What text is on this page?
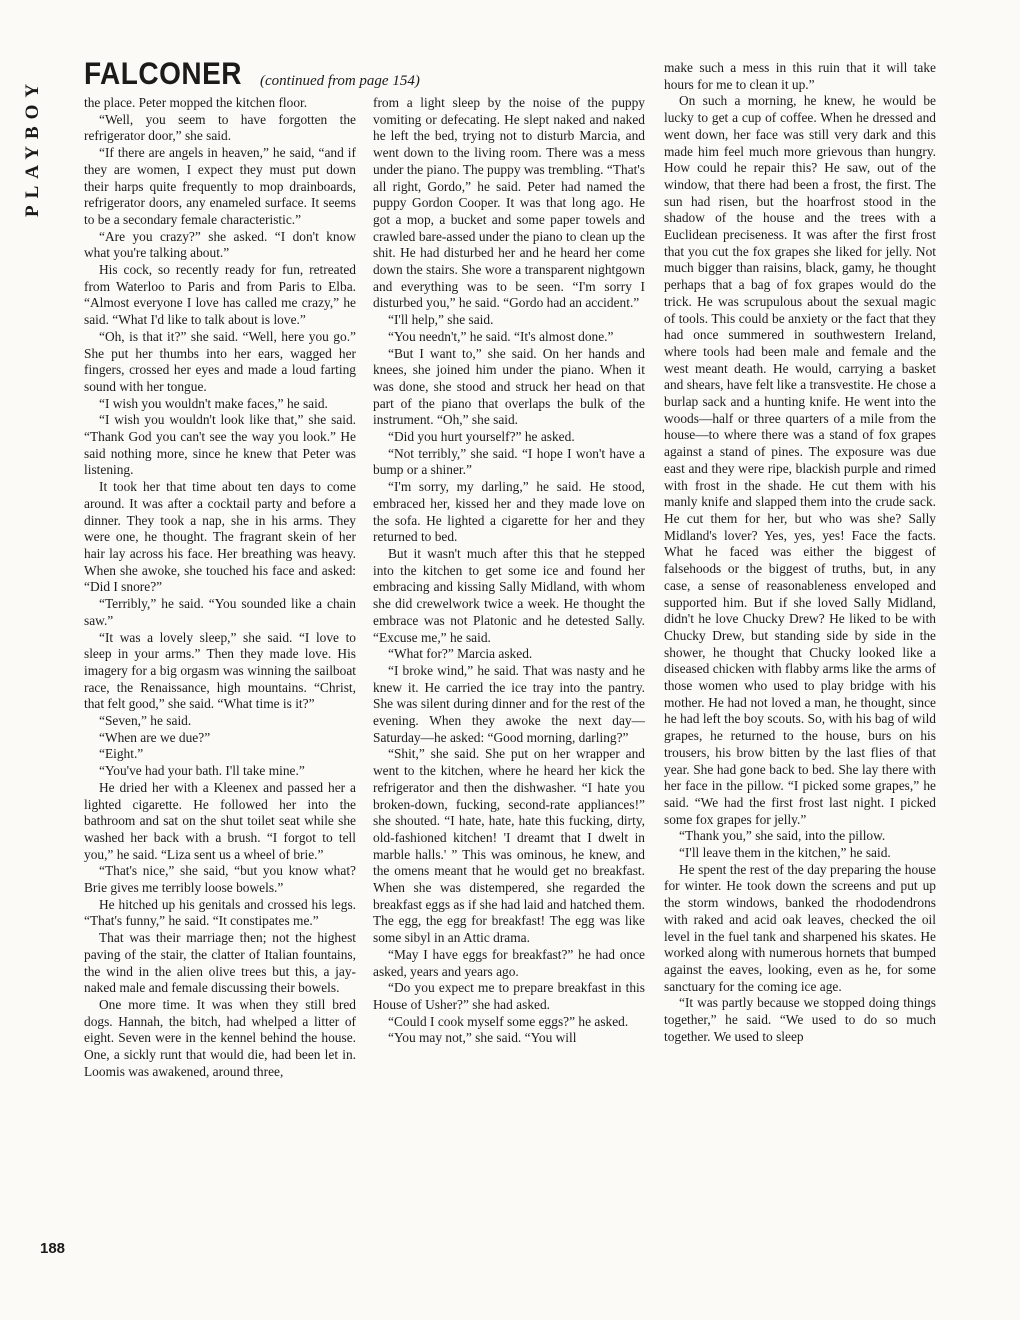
PLAYBOY
FALCONER (continued from page 154)

the place. Peter mopped the kitchen floor.

“Well, you seem to have forgotten the refrigerator door,” she said.

“If there are angels in heaven,” he said, “and if they are women, I expect they must put down their harps quite frequently to mop drainboards, refrigerator doors, any enameled surface. It seems to be a secondary female characteristic.”

“Are you crazy?” she asked. “I don't know what you're talking about.”

His cock, so recently ready for fun, retreated from Waterloo to Paris and from Paris to Elba. “Almost everyone I love has called me crazy,” he said. “What I'd like to talk about is love.”

“Oh, is that it?” she said. “Well, here you go.” She put her thumbs into her ears, wagged her fingers, crossed her eyes and made a loud farting sound with her tongue.

“I wish you wouldn't make faces,” he said.

“I wish you wouldn't look like that,” she said. “Thank God you can't see the way you look.” He said nothing more, since he knew that Peter was listening.

It took her that time about ten days to come around. It was after a cocktail party and before a dinner. They took a nap, she in his arms. They were one, he thought. The fragrant skein of her hair lay across his face. Her breathing was heavy. When she awoke, she touched his face and asked: “Did I snore?”

“Terribly,” he said. “You sounded like a chain saw.”

“It was a lovely sleep,” she said. “I love to sleep in your arms.” Then they made love. His imagery for a big orgasm was winning the sailboat race, the Renaissance, high mountains. “Christ, that felt good,” she said. “What time is it?”

“Seven,” he said.

“When are we due?”

“Eight.”

“You've had your bath. I'll take mine.”

He dried her with a Kleenex and passed her a lighted cigarette. He followed her into the bathroom and sat on the shut toilet seat while she washed her back with a brush. “I forgot to tell you,” he said. “Liza sent us a wheel of brie.”

“That's nice,” she said, “but you know what? Brie gives me terribly loose bowels.”

He hitched up his genitals and crossed his legs. “That's funny,” he said. “It constipates me.”

That was their marriage then; not the highest paving of the stair, the clatter of Italian fountains, the wind in the alien olive trees but this, a jay-naked male and female discussing their bowels.

One more time. It was when they still bred dogs. Hannah, the bitch, had whelped a litter of eight. Seven were in the kennel behind the house. One, a sickly runt that would die, had been let in. Loomis was awakened, around three,

from a light sleep by the noise of the puppy vomiting or defecating. He slept naked and naked he left the bed, trying not to disturb Marcia, and went down to the living room. There was a mess under the piano. The puppy was trembling. “That's all right, Gordo,” he said. Peter had named the puppy Gordon Cooper. It was that long ago. He got a mop, a bucket and some paper towels and crawled bare-assed under the piano to clean up the shit. He had disturbed her and he heard her come down the stairs. She wore a transparent nightgown and everything was to be seen. “I'm sorry I disturbed you,” he said. “Gordo had an accident.”

“I'll help,” she said.

“You needn't,” he said. “It's almost done.”

“But I want to,” she said. On her hands and knees, she joined him under the piano. When it was done, she stood and struck her head on that part of the piano that overlaps the bulk of the instrument. “Oh,” she said.

“Did you hurt yourself?” he asked.

“Not terribly,” she said. “I hope I won't have a bump or a shiner.”

“I'm sorry, my darling,” he said. He stood, embraced her, kissed her and they made love on the sofa. He lighted a cigarette for her and they returned to bed.

But it wasn't much after this that he stepped into the kitchen to get some ice and found her embracing and kissing Sally Midland, with whom she did crewelwork twice a week. He thought the embrace was not Platonic and he detested Sally. “Excuse me,” he said.

“What for?” Marcia asked.

“I broke wind,” he said. That was nasty and he knew it. He carried the ice tray into the pantry. She was silent during dinner and for the rest of the evening. When they awoke the next day—Saturday—he asked: “Good morning, darling?”

“Shit,” she said. She put on her wrapper and went to the kitchen, where he heard her kick the refrigerator and then the dishwasher. “I hate you broken-down, fucking, second-rate appliances!” she shouted. “I hate, hate, hate this fucking, dirty, old-fashioned kitchen! 'I dreamt that I dwelt in marble halls.' ” This was ominous, he knew, and the omens meant that he would get no breakfast. When she was distempered, she regarded the breakfast eggs as if she had laid and hatched them. The egg, the egg for breakfast! The egg was like some sibyl in an Attic drama.

“May I have eggs for breakfast?” he had once asked, years and years ago.

“Do you expect me to prepare breakfast in this House of Usher?” she had asked.

“Could I cook myself some eggs?” he asked.

“You may not,” she said. “You will

make such a mess in this ruin that it will take hours for me to clean it up.”

On such a morning, he knew, he would be lucky to get a cup of coffee. When he dressed and went down, her face was still very dark and this made him feel much more grievous than hungry. How could he repair this? He saw, out of the window, that there had been a frost, the first. The sun had risen, but the hoarfrost stood in the shadow of the house and the trees with a Euclidean preciseness. It was after the first frost that you cut the fox grapes she liked for jelly. Not much bigger than raisins, black, gamy, he thought perhaps that a bag of fox grapes would do the trick. He was scrupulous about the sexual magic of tools. This could be anxiety or the fact that they had once summered in southwestern Ireland, where tools had been male and female and the west meant death. He would, carrying a basket and shears, have felt like a transvestite. He chose a burlap sack and a hunting knife. He went into the woods—half or three quarters of a mile from the house—to where there was a stand of fox grapes against a stand of pines. The exposure was due east and they were ripe, blackish purple and rimed with frost in the shade. He cut them with his manly knife and slapped them into the crude sack. He cut them for her, but who was she? Sally Midland's lover? Yes, yes, yes! Face the facts. What he faced was either the biggest of falsehoods or the biggest of truths, but, in any case, a sense of reasonableness enveloped and supported him. But if she loved Sally Midland, didn't he love Chucky Drew? He liked to be with Chucky Drew, but standing side by side in the shower, he thought that Chucky looked like a diseased chicken with flabby arms like the arms of those women who used to play bridge with his mother. He had not loved a man, he thought, since he had left the boy scouts. So, with his bag of wild grapes, he returned to the house, burs on his trousers, his brow bitten by the last flies of that year. She had gone back to bed. She lay there with her face in the pillow. “I picked some grapes,” he said. “We had the first frost last night. I picked some fox grapes for jelly.”

“Thank you,” she said, into the pillow.

“I'll leave them in the kitchen,” he said.

He spent the rest of the day preparing the house for winter. He took down the screens and put up the storm windows, banked the rhododendrons with raked and acid oak leaves, checked the oil level in the fuel tank and sharpened his skates. He worked along with numerous hornets that bumped against the eaves, looking, even as he, for some sanctuary for the coming ice age.

“It was partly because we stopped doing things together,” he said. “We used to do so much together. We used to sleep

188
